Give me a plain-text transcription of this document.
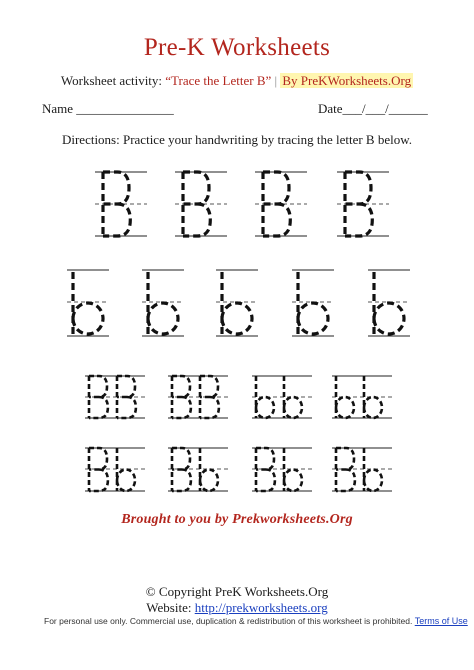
Pre-K Worksheets
Worksheet activity: “Trace the Letter B” | By PreKWorksheets.Org
Name _______________	Date___/___/______
Directions: Practice your handwriting by tracing the letter B below.
Brought to you by Prekworksheets.Org
© Copyright PreK Worksheets.Org
Website: http://prekworksheets.org
For personal use only. Commercial use, duplication & redistribution of this worksheet is prohibited. Terms of Use
